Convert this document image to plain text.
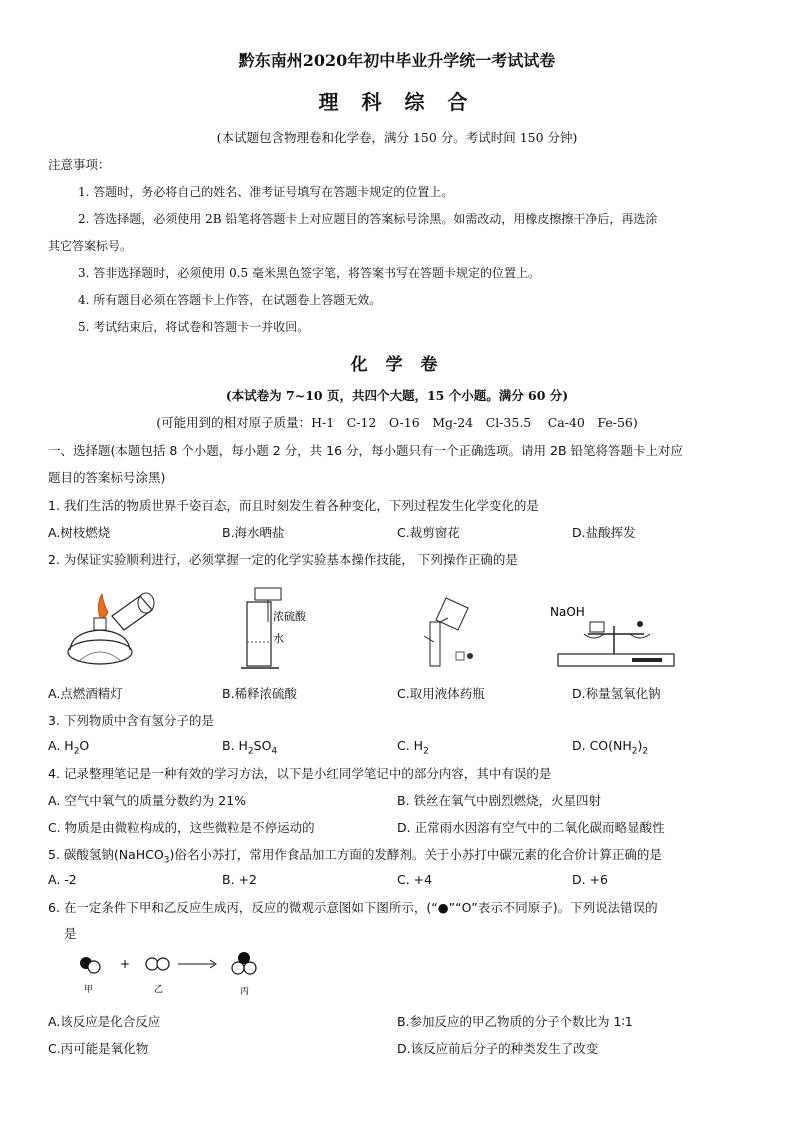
黔东南州2020年初中毕业升学统一考试试卷
理 科 综 合
(本试题包含物理卷和化学卷，满分 150 分。考试时间 150 分钟)
注意事项：
1. 答题时，务必将自己的姓名、准考证号填写在答题卡规定的位置上。
2. 答选择题，必须使用 2B 铅笔将答题卡上对应题目的答案标号涂黑。如需改动，用橡皮擦擦干净后，再选涂
其它答案标号。
3. 答非选择题时，必须使用 0.5 毫米黑色签字笔，将答案书写在答题卡规定的位置上。
4. 所有题目必须在答题卡上作答，在试题卷上答题无效。
5. 考试结束后，将试卷和答题卡一并收回。
化 学 卷
(本试卷为 7~10 页，共四个大题，15 个小题。满分 60 分)
(可能用到的相对原子质量：H-1　C-12　O-16　Mg-24　Cl-35.5　 Ca-40　Fe-56)
一、选择题(本题包括 8 个小题，每小题 2 分，共 16 分，每小题只有一个正确选项。请用 2B 铅笔将答题卡上对应
题目的答案标号涂黑)
1. 我们生活的物质世界千姿百态，而且时刻发生着各种变化，下列过程发生化学变化的是
A.树枝燃烧	B.海水晒盐	C.裁剪窗花	D.盐酸挥发
2. 为保证实验顺利进行，必须掌握一定的化学实验基本操作技能， 下列操作正确的是
浓硫酸
水
NaOH
A.点燃酒精灯	B.稀释浓硫酸	C.取用液体药瓶	D.称量氢氧化钠
3. 下列物质中含有氢分子的是
A. $H_2O$	B. $H_2SO_4$	C. $H_2$	D. $CO(NH_2)_2$
4. 记录整理笔记是一种有效的学习方法，以下是小红同学笔记中的部分内容，其中有误的是
A. 空气中氧气的质量分数约为 21%	B. 铁丝在氧气中剧烈燃烧，火星四射
C. 物质是由微粒构成的，这些微粒是不停运动的	D. 正常雨水因溶有空气中的二氧化碳而略显酸性
5. 碳酸氢钠(NaHCO$_3$)俗名小苏打，常用作食品加工方面的发酵剂。关于小苏打中碳元素的化合价计算正确的是
A. -2	B. +2	C. +4	D. +6
6. 在一定条件下甲和乙反应生成丙，反应的微观示意图如下图所示，(“●”“O”表示不同原子)。下列说法错误的
是
+
甲	乙	丙
A.该反应是化合反应	B.参加反应的甲乙物质的分子个数比为 1∶1
C.丙可能是氧化物	D.该反应前后分子的种类发生了改变
